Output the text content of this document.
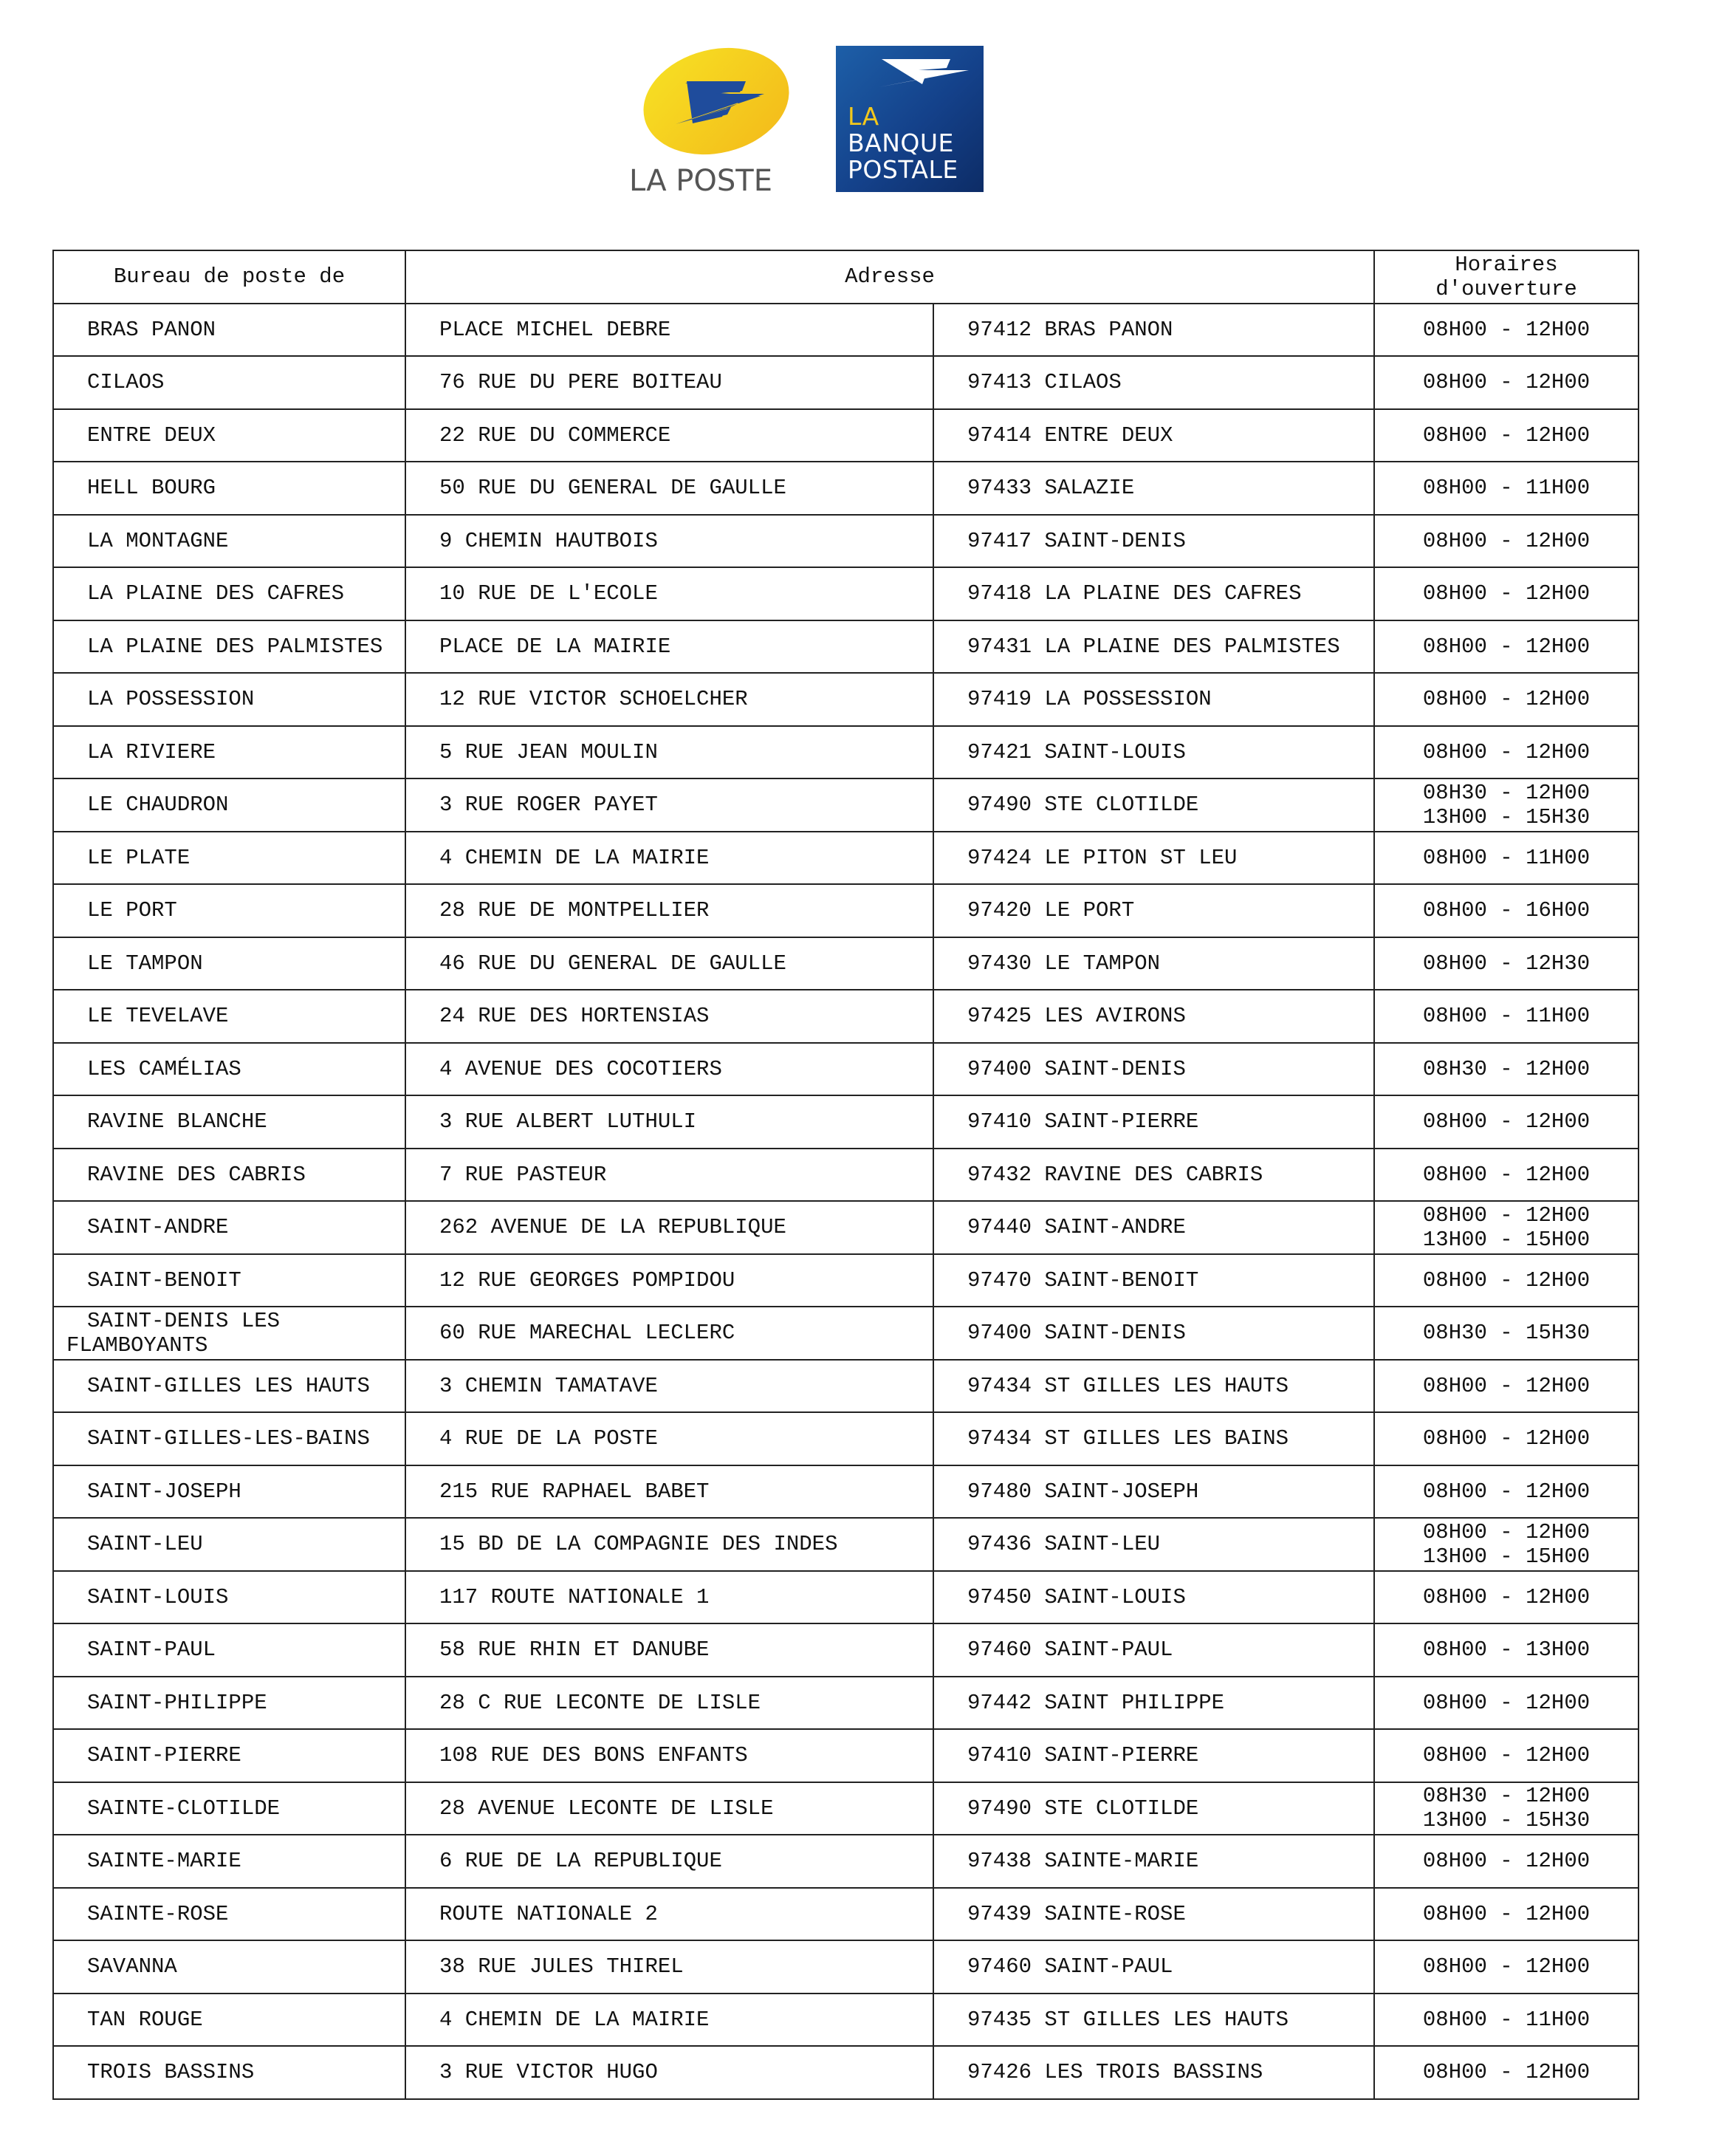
LA POSTE
LA
BANQUE
POSTALE
Bureau de poste de	Adresse		Horaires
d'ouverture
BRAS PANON	PLACE MICHEL DEBRE	97412 BRAS PANON	08H00 - 12H00
CILAOS	76 RUE DU PERE BOITEAU	97413 CILAOS	08H00 - 12H00
ENTRE DEUX	22 RUE DU COMMERCE	97414 ENTRE DEUX	08H00 - 12H00
HELL BOURG	50 RUE DU GENERAL DE GAULLE	97433 SALAZIE	08H00 - 11H00
LA MONTAGNE	9 CHEMIN HAUTBOIS	97417 SAINT-DENIS	08H00 - 12H00
LA PLAINE DES CAFRES	10 RUE DE L'ECOLE	97418 LA PLAINE DES CAFRES	08H00 - 12H00
LA PLAINE DES PALMISTES	PLACE DE LA MAIRIE	97431 LA PLAINE DES PALMISTES	08H00 - 12H00
LA POSSESSION	12 RUE VICTOR SCHOELCHER	97419 LA POSSESSION	08H00 - 12H00
LA RIVIERE	5 RUE JEAN MOULIN	97421 SAINT-LOUIS	08H00 - 12H00
LE CHAUDRON	3 RUE ROGER PAYET	97490 STE CLOTILDE	08H30 - 12H00
13H00 - 15H30
LE PLATE	4 CHEMIN DE LA MAIRIE	97424 LE PITON ST LEU	08H00 - 11H00
LE PORT	28 RUE DE MONTPELLIER	97420 LE PORT	08H00 - 16H00
LE TAMPON	46 RUE DU GENERAL DE GAULLE	97430 LE TAMPON	08H00 - 12H30
LE TEVELAVE	24 RUE DES HORTENSIAS	97425 LES AVIRONS	08H00 - 11H00
LES CAMÉLIAS	4 AVENUE DES COCOTIERS	97400 SAINT-DENIS	08H30 - 12H00
RAVINE BLANCHE	3 RUE ALBERT LUTHULI	97410 SAINT-PIERRE	08H00 - 12H00
RAVINE DES CABRIS	7 RUE PASTEUR	97432 RAVINE DES CABRIS	08H00 - 12H00
SAINT-ANDRE	262 AVENUE DE LA REPUBLIQUE	97440 SAINT-ANDRE	08H00 - 12H00
13H00 - 15H00
SAINT-BENOIT	12 RUE GEORGES POMPIDOU	97470 SAINT-BENOIT	08H00 - 12H00
SAINT-DENIS LES FLAMBOYANTS	60 RUE MARECHAL LECLERC	97400 SAINT-DENIS	08H30 - 15H30
SAINT-GILLES LES HAUTS	3 CHEMIN TAMATAVE	97434 ST GILLES LES HAUTS	08H00 - 12H00
SAINT-GILLES-LES-BAINS	4 RUE DE LA POSTE	97434 ST GILLES LES BAINS	08H00 - 12H00
SAINT-JOSEPH	215 RUE RAPHAEL BABET	97480 SAINT-JOSEPH	08H00 - 12H00
SAINT-LEU	15 BD DE LA COMPAGNIE DES INDES	97436 SAINT-LEU	08H00 - 12H00
13H00 - 15H00
SAINT-LOUIS	117 ROUTE NATIONALE 1	97450 SAINT-LOUIS	08H00 - 12H00
SAINT-PAUL	58 RUE RHIN ET DANUBE	97460 SAINT-PAUL	08H00 - 13H00
SAINT-PHILIPPE	28 C RUE LECONTE DE LISLE	97442 SAINT PHILIPPE	08H00 - 12H00
SAINT-PIERRE	108 RUE DES BONS ENFANTS	97410 SAINT-PIERRE	08H00 - 12H00
SAINTE-CLOTILDE	28 AVENUE LECONTE DE LISLE	97490 STE CLOTILDE	08H30 - 12H00
13H00 - 15H30
SAINTE-MARIE	6 RUE DE LA REPUBLIQUE	97438 SAINTE-MARIE	08H00 - 12H00
SAINTE-ROSE	ROUTE NATIONALE 2	97439 SAINTE-ROSE	08H00 - 12H00
SAVANNA	38 RUE JULES THIREL	97460 SAINT-PAUL	08H00 - 12H00
TAN ROUGE	4 CHEMIN DE LA MAIRIE	97435 ST GILLES LES HAUTS	08H00 - 11H00
TROIS BASSINS	3 RUE VICTOR HUGO	97426 LES TROIS BASSINS	08H00 - 12H00
